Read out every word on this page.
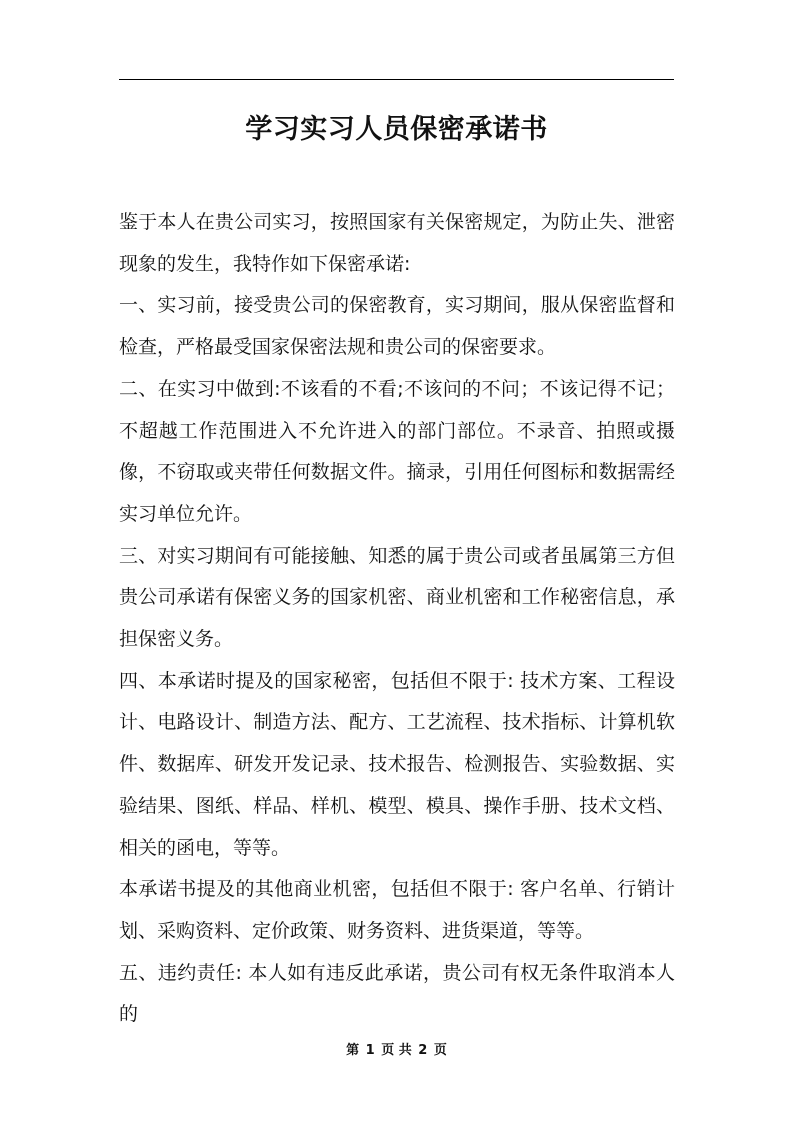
学习实习人员保密承诺书

鉴于本人在贵公司实习，按照国家有关保密规定，为防止失、泄密现象的发生，我特作如下保密承诺:

一、实习前，接受贵公司的保密教育，实习期间，服从保密监督和检查，严格最受国家保密法规和贵公司的保密要求。

二、在实习中做到:不该看的不看;不该问的不问；不该记得不记；不超越工作范围进入不允许进入的部门部位。不录音、拍照或摄像，不窃取或夹带任何数据文件。摘录，引用任何图标和数据需经实习单位允许。

三、对实习期间有可能接触、知悉的属于贵公司或者虽属第三方但贵公司承诺有保密义务的国家机密、商业机密和工作秘密信息，承担保密义务。

四、本承诺时提及的国家秘密，包括但不限于: 技术方案、工程设计、电路设计、制造方法、配方、工艺流程、技术指标、计算机软件、数据库、研发开发记录、技术报告、检测报告、实验数据、实验结果、图纸、样品、样机、模型、模具、操作手册、技术文档、相关的函电，等等。

本承诺书提及的其他商业机密，包括但不限于: 客户名单、行销计划、采购资料、定价政策、财务资料、进货渠道，等等。

五、违约责任: 本人如有违反此承诺，贵公司有权无条件取消本人的

第 1 页 共 2 页
